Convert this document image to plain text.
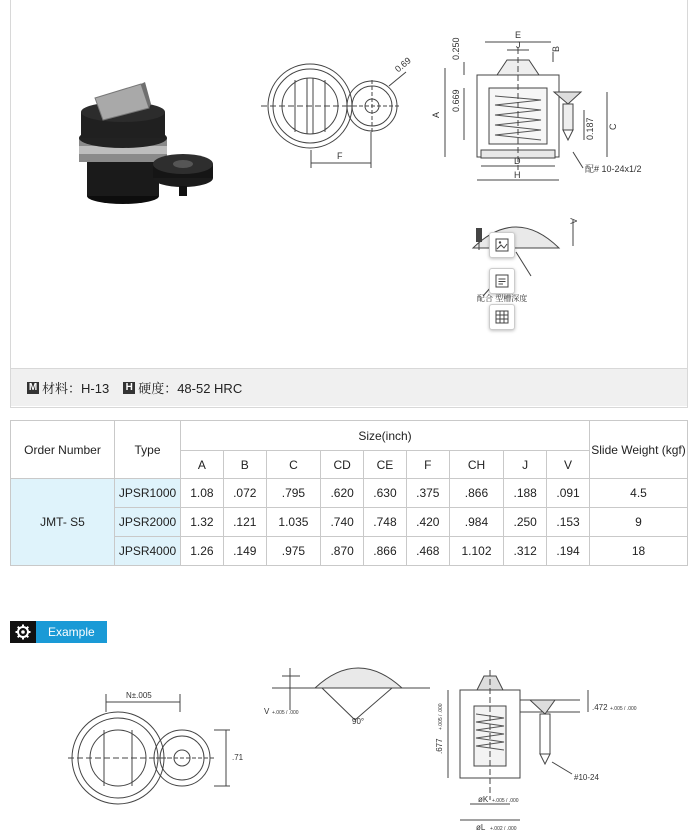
0.69
F
0.250
0.669
A
E
J	B
D
H
C
0.187
配# 10-24x1/2
V
配合 型槽深度
M 材料：H-13 H 硬度：48-52 HRC
Order Number	Type	Size(inch)									Slide Weight (kgf)
		A	B	C	CD	CE	F	CH	J	V	
JMT- S5	JPSR1000	1.08	.072	.795	.620	.630	.375	.866	.188	.091	4.5
	JPSR2000	1.32	.121	1.035	.740	.748	.420	.984	.250	.153	9
	JPSR4000	1.26	.149	.975	.870	.866	.468	1.102	.312	.194	18
Example
N±.005
.71
V +.005 / .000
90°
.677
+.005 / .000	.472 +.005 / .000
#10-24
øK +.005 / .000
øL +.002 / .000
